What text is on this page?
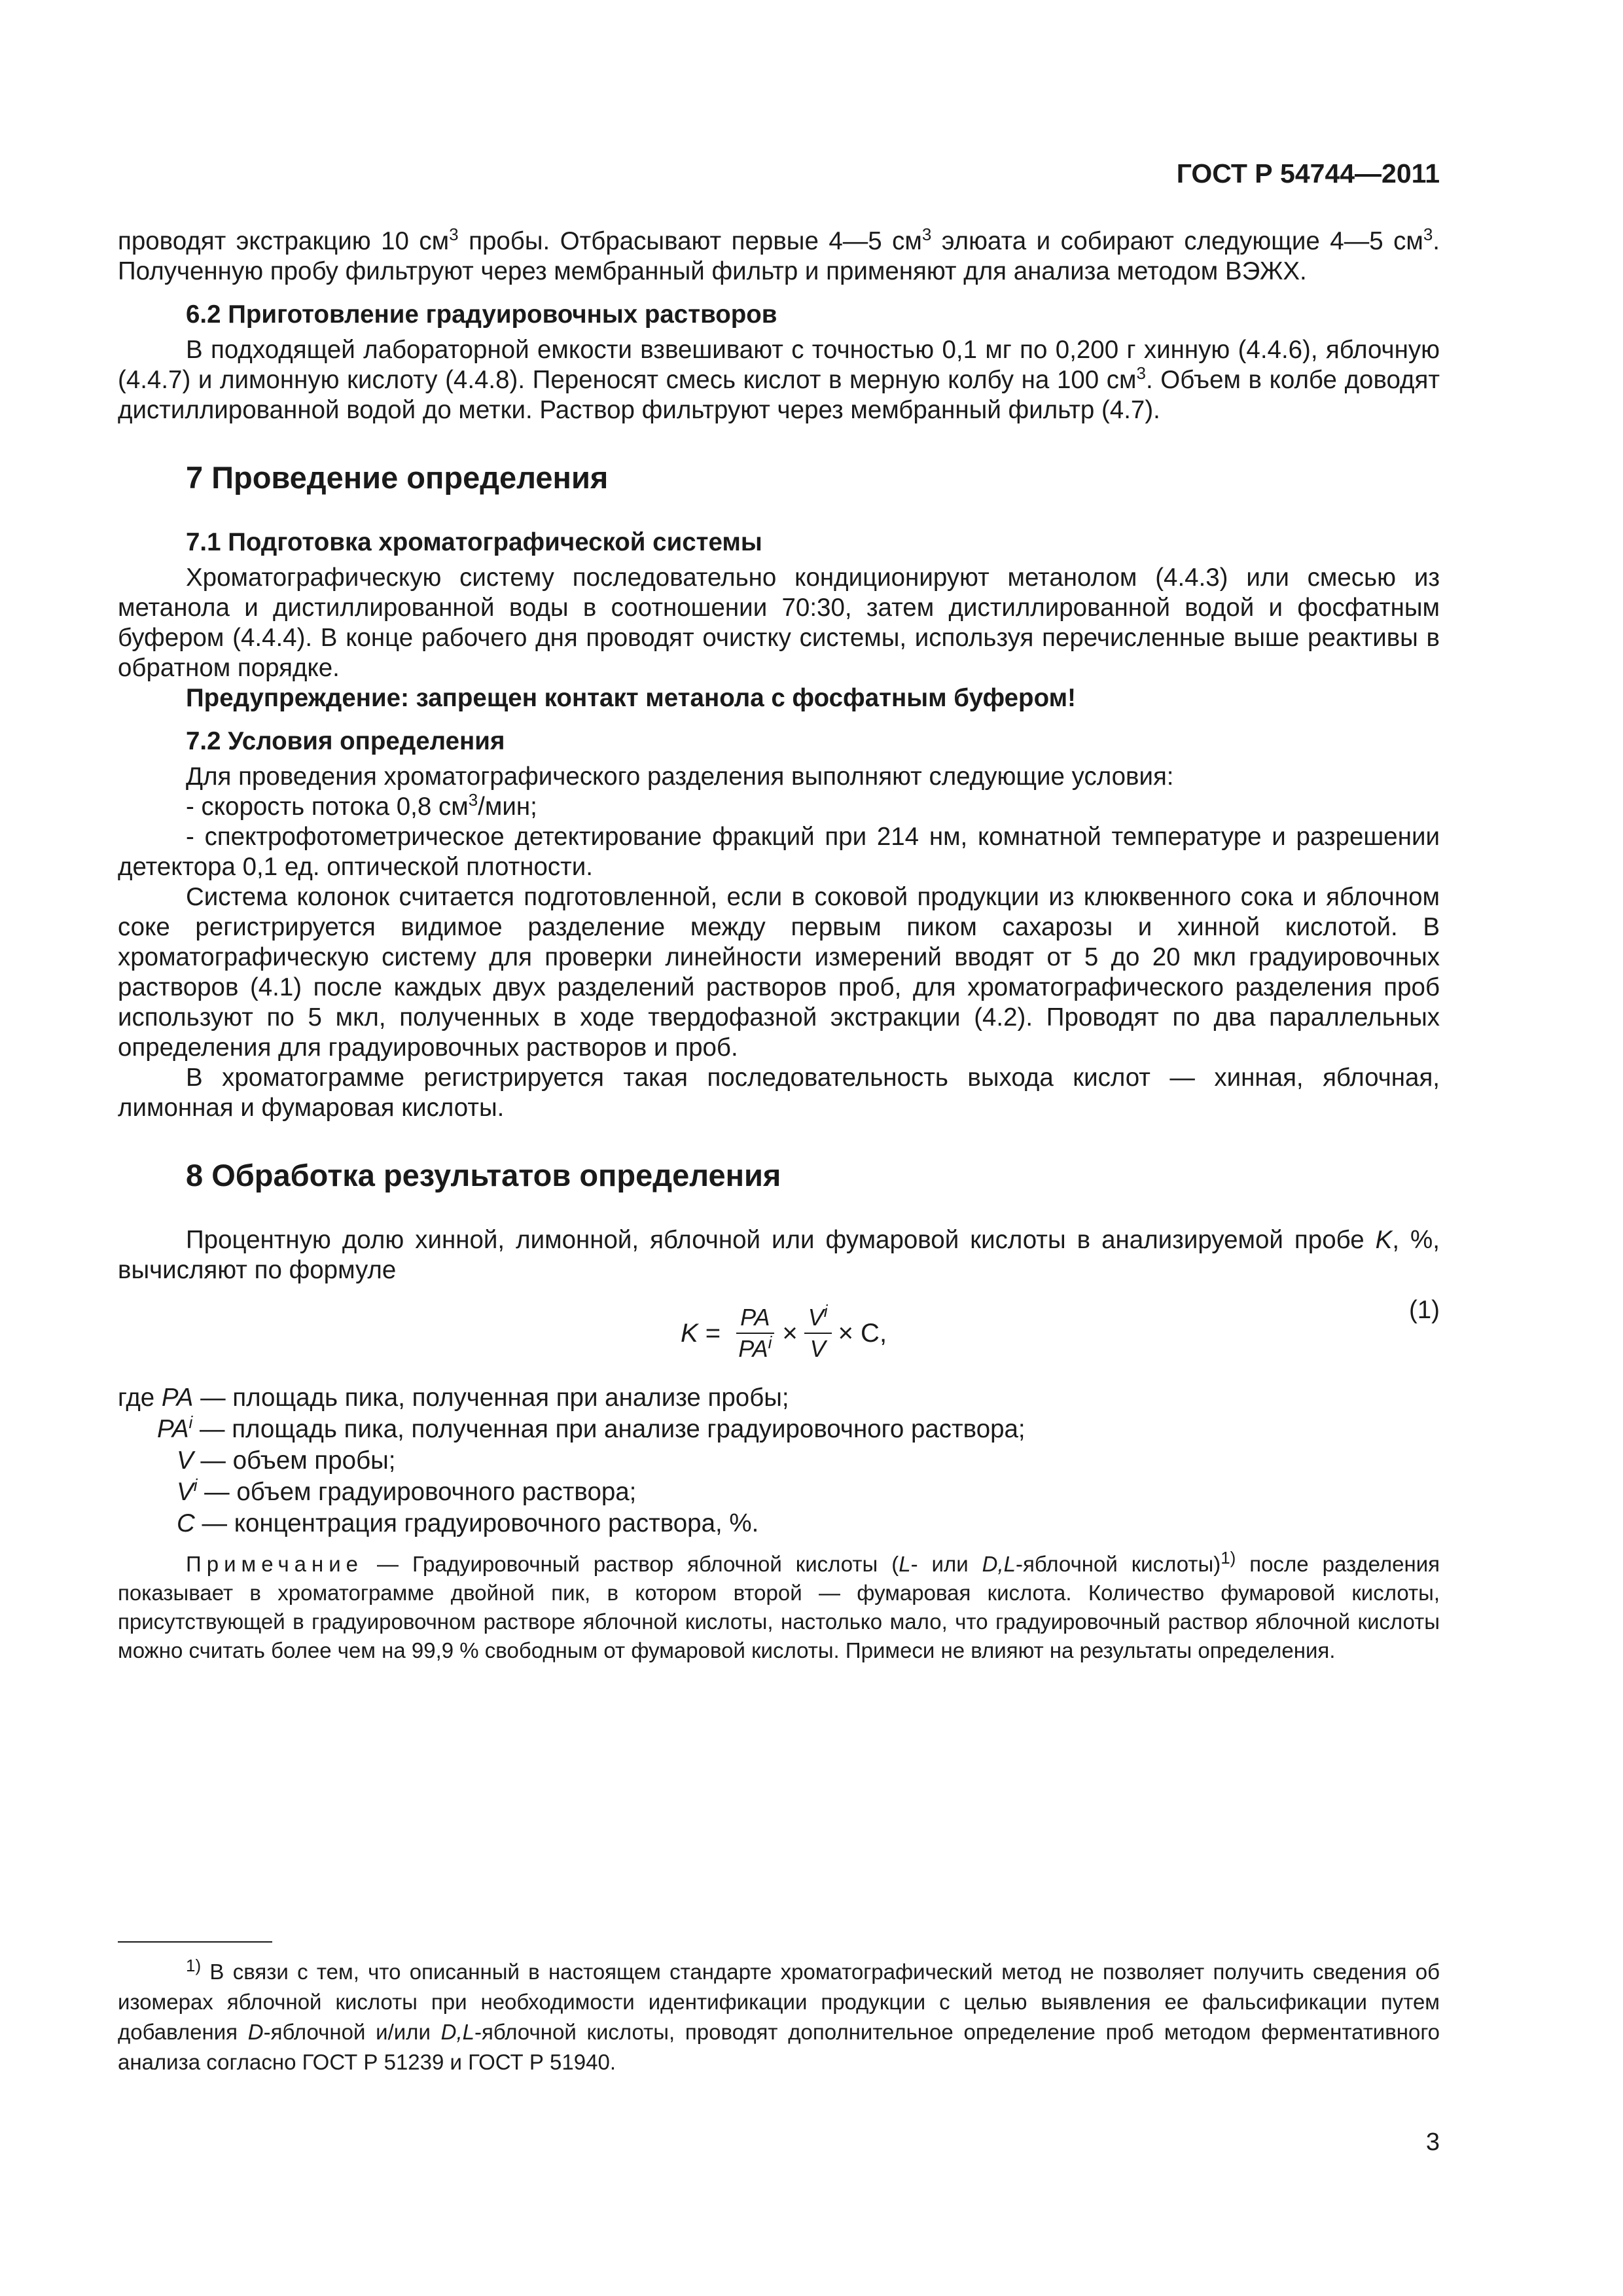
ГОСТ Р 54744—2011

проводят экстракцию 10 $см^3$ пробы. Отбрасывают первые 4—5 $см^3$ элюата и собирают следующие 4—5 $см^3$. Полученную пробу фильтруют через мембранный фильтр и применяют для анализа методом ВЭЖХ.

6.2 Приготовление градуировочных растворов

В подходящей лабораторной емкости взвешивают с точностью 0,1 мг по 0,200 г хинную (4.4.6), яблочную (4.4.7) и лимонную кислоту (4.4.8). Переносят смесь кислот в мерную колбу на 100 $см^3$. Объем в колбе доводят дистиллированной водой до метки. Раствор фильтруют через мембранный фильтр (4.7).

7 Проведение определения
7.1 Подготовка хроматографической системы

Хроматографическую систему последовательно кондиционируют метанолом (4.4.3) или смесью из метанола и дистиллированной воды в соотношении 70:30, затем дистиллированной водой и фосфатным буфером (4.4.4). В конце рабочего дня проводят очистку системы, используя перечисленные выше реактивы в обратном порядке.

Предупреждение: запрещен контакт метанола с фосфатным буфером!

7.2 Условия определения

Для проведения хроматографического разделения выполняют следующие условия:

- скорость потока 0,8 $см^3$/мин;

- спектрофотометрическое детектирование фракций при 214 нм, комнатной температуре и разрешении детектора 0,1 ед. оптической плотности.

Система колонок считается подготовленной, если в соковой продукции из клюквенного сока и яблочном соке регистрируется видимое разделение между первым пиком сахарозы и хинной кислотой. В хроматографическую систему для проверки линейности измерений вводят от 5 до 20 мкл градуировочных растворов (4.1) после каждых двух разделений растворов проб, для хроматографического разделения проб используют по 5 мкл, полученных в ходе твердофазной экстракции (4.2). Проводят по два параллельных определения для градуировочных растворов и проб.

В хроматограмме регистрируется такая последовательность выхода кислот — хинная, яблочная, лимонная и фумаровая кислоты.

8 Обработка результатов определения

Процентную долю хинной, лимонной, яблочной или фумаровой кислоты в анализируемой пробе K, %, вычисляют по формуле

$K = \frac{PA}{PA^i} \times \frac{V^i}{V} \times C$,
(1)
где PA — площадь пика, полученная при анализе пробы;
$PA^i$ — площадь пика, полученная при анализе градуировочного раствора;
V — объем пробы;
$V^i$ — объем градуировочного раствора;
C — концентрация градуировочного раствора, %.

Примечание — Градуировочный раствор яблочной кислоты (L- или D,L-яблочной кислоты)$^{1)}$ после разделения показывает в хроматограмме двойной пик, в котором второй — фумаровая кислота. Количество фумаровой кислоты, присутствующей в градуировочном растворе яблочной кислоты, настолько мало, что градуировочный раствор яблочной кислоты можно считать более чем на 99,9 % свободным от фумаровой кислоты. Примеси не влияют на результаты определения.

$^{1)}$ В связи с тем, что описанный в настоящем стандарте хроматографический метод не позволяет получить сведения об изомерах яблочной кислоты при необходимости идентификации продукции с целью выявления ее фальсификации путем добавления D-яблочной и/или D,L-яблочной кислоты, проводят дополнительное определение проб методом ферментативного анализа согласно ГОСТ Р 51239 и ГОСТ Р 51940.

3
